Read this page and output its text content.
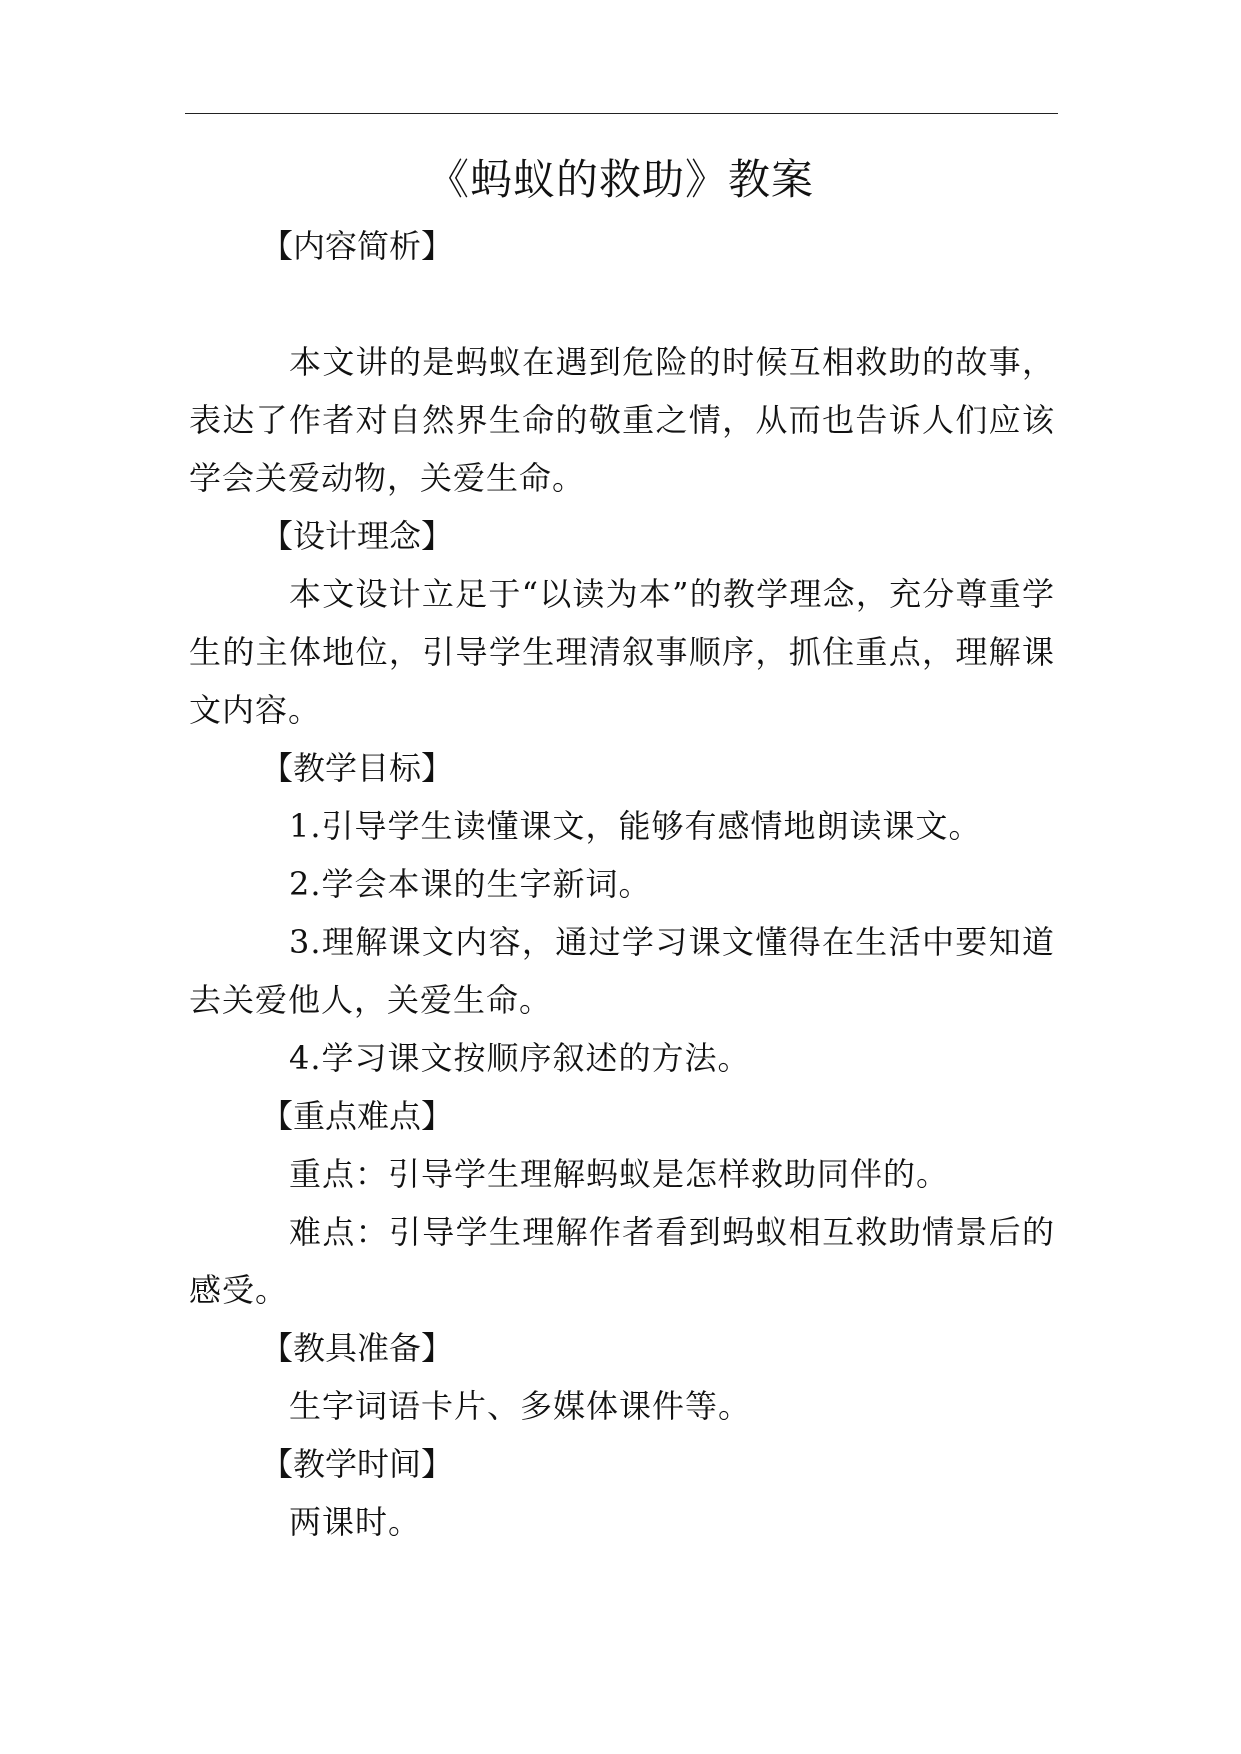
《蚂蚁的救助》教案

【内容简析】

本文讲的是蚂蚁在遇到危险的时候互相救助的故事，表达了作者对自然界生命的敬重之情，从而也告诉人们应该学会关爱动物，关爱生命。

【设计理念】

本文设计立足于“以读为本”的教学理念，充分尊重学生的主体地位，引导学生理清叙事顺序，抓住重点，理解课文内容。

【教学目标】

1.引导学生读懂课文，能够有感情地朗读课文。

2.学会本课的生字新词。

3.理解课文内容，通过学习课文懂得在生活中要知道去关爱他人，关爱生命。

4.学习课文按顺序叙述的方法。

【重点难点】

重点：引导学生理解蚂蚁是怎样救助同伴的。

难点：引导学生理解作者看到蚂蚁相互救助情景后的感受。

【教具准备】

生字词语卡片、多媒体课件等。

【教学时间】

两课时。
